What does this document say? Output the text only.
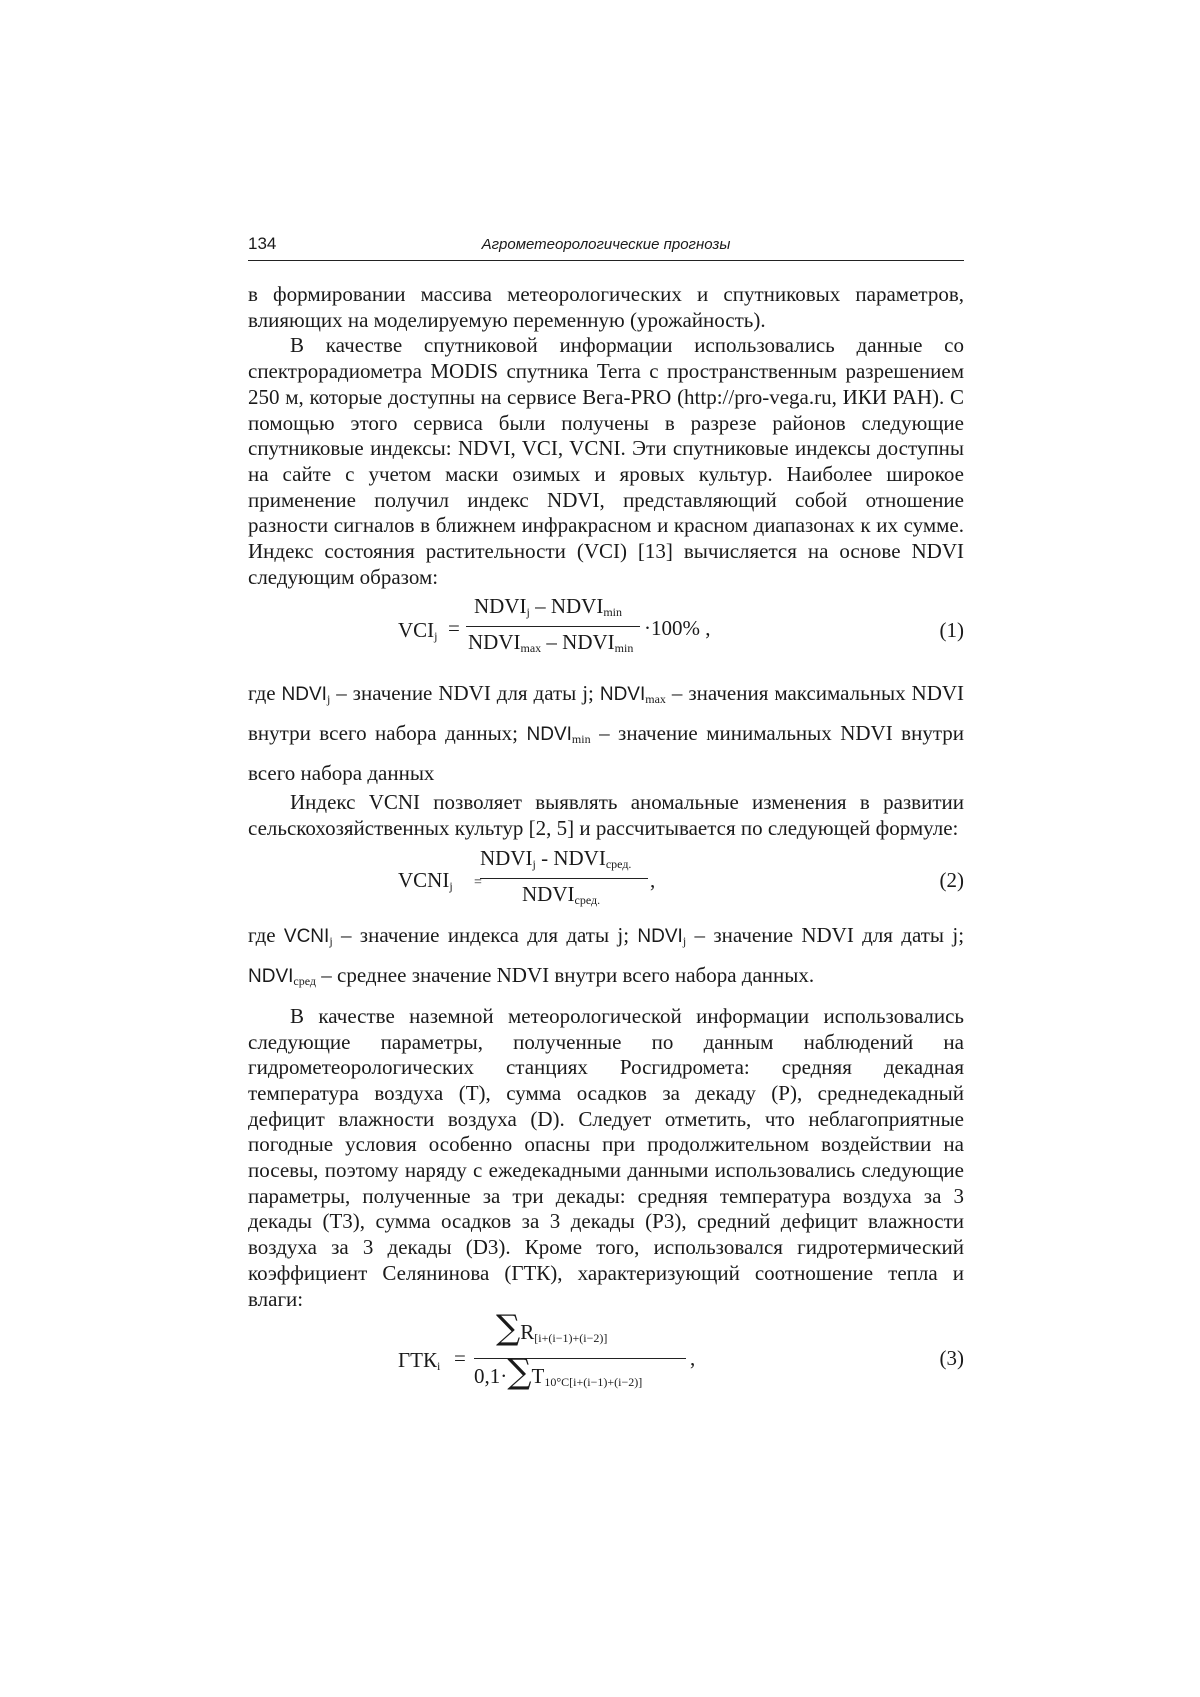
134	Агрометеорологические прогнозы

в формировании массива метеорологических и спутниковых параметров, влияющих на моделируемую переменную (урожайность).

В качестве спутниковой информации использовались данные со спектрорадиометра MODIS спутника Terra с пространственным разрешением 250 м, которые доступны на сервисе Вега-PRO (http://pro-vega.ru, ИКИ РАН). С помощью этого сервиса были получены в разрезе районов следующие спутниковые индексы: NDVI, VCI, VCNI. Эти спутниковые индексы доступны на сайте с учетом маски озимых и яровых культур. Наиболее широкое применение получил индекс NDVI, представляющий собой отношение разности сигналов в ближнем инфракрасном и красном диапазонах к их сумме. Индекс состояния растительности (VCI) [13] вычисляется на основе NDVI следующим образом:

$VCI_j$ =
$NDVI_j$ – $NDVI_{min}$
$NDVI_{max}$ – $NDVI_{min}$
·100% ,	(1)

где $NDVI_j$ – значение NDVI для даты j; $NDVI_{max}$ – значения максимальных NDVI внутри всего набора данных; $NDVI_{min}$ – значение минимальных NDVI внутри всего набора данных

Индекс VCNI позволяет выявлять аномальные изменения в развитии сельскохозяйственных культур [2, 5] и рассчитывается по следующей формуле:

$VCNI_j$ =
$NDVI_j$ - $NDVI_{сред.}$
$NDVI_{сред.}$
,	(2)

где $VCNI_j$ – значение индекса для даты j; $NDVI_j$ – значение NDVI для даты j; $NDVI_{сред}$ – среднее значение NDVI внутри всего набора данных.

В качестве наземной метеорологической информации использовались следующие параметры, полученные по данным наблюдений на гидрометеорологических станциях Росгидромета: средняя декадная температура воздуха (T), сумма осадков за декаду (P), среднедекадный дефицит влажности воздуха (D). Следует отметить, что неблагоприятные погодные условия особенно опасны при продолжительном воздействии на посевы, поэтому наряду с ежедекадными данными использовались следующие параметры, полученные за три декады: средняя температура воздуха за 3 декады (T3), сумма осадков за 3 декады (P3), средний дефицит влажности воздуха за 3 декады (D3). Кроме того, использовался гидротермический коэффициент Селянинова (ГТК), характеризующий соотношение тепла и влаги:

$ГТК_i$ =
$\sum R_{[i+(i-1)+(i-2)]}$
$0,1\cdot\sum T_{10^\circ C[i+(i-1)+(i-2)]}$
,	(3)
